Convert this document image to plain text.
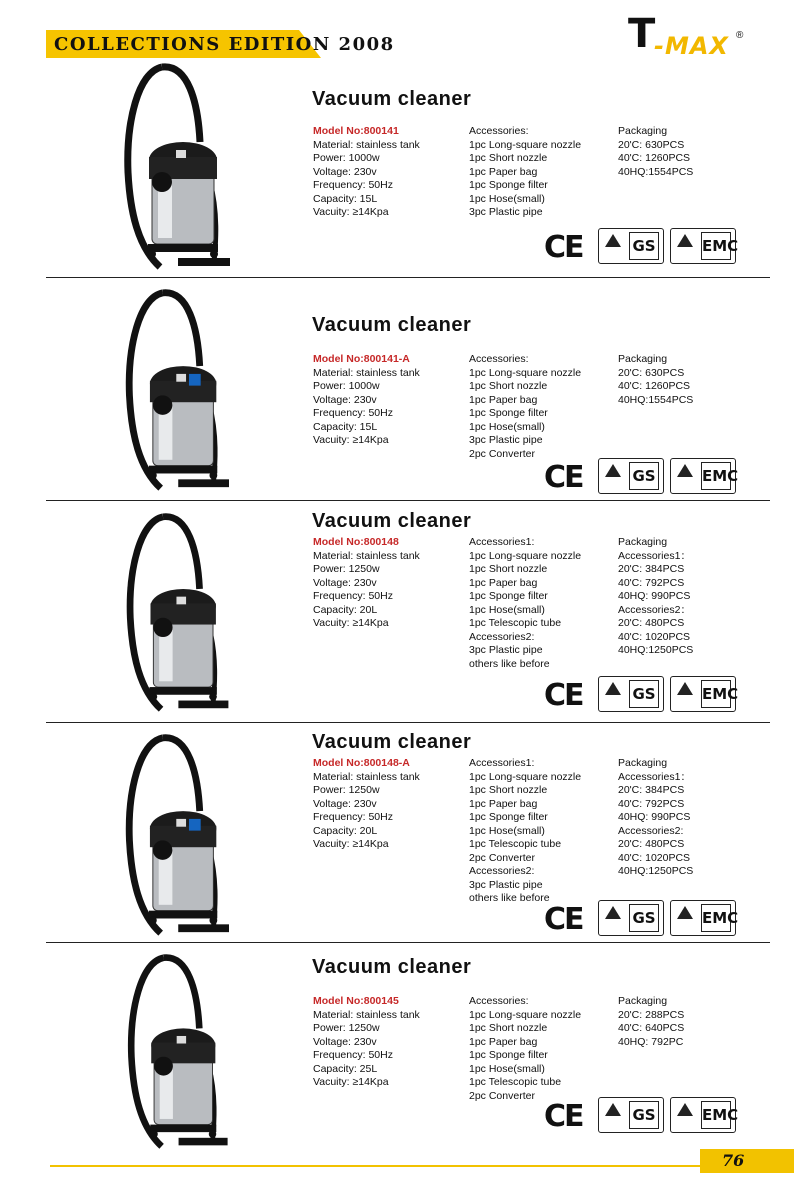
COLLECTIONS EDITION 2008	T
-MAX ®
Vacuum cleaner
Model No:800141
Material: stainless tank
Power: 1000w
Voltage: 230v
Frequency: 50Hz
Capacity: 15L
Vacuity: ≥14Kpa
Accessories:
1pc Long-square nozzle
1pc Short nozzle
1pc Paper bag
1pc Sponge filter
1pc Hose(small)
3pc Plastic pipe
Packaging
20'C: 630PCS
40'C: 1260PCS
40HQ:1554PCS
CE	GS	EMC
Vacuum cleaner
Model No:800141-A
Material: stainless tank
Power: 1000w
Voltage: 230v
Frequency: 50Hz
Capacity: 15L
Vacuity: ≥14Kpa
Accessories:
1pc Long-square nozzle
1pc Short nozzle
1pc Paper bag
1pc Sponge filter
1pc Hose(small)
3pc Plastic pipe
2pc Converter
Packaging
20'C: 630PCS
40'C: 1260PCS
40HQ:1554PCS
CE	GS	EMC
Vacuum cleaner
Model No:800148
Material: stainless tank
Power: 1250w
Voltage: 230v
Frequency: 50Hz
Capacity: 20L
Vacuity: ≥14Kpa
Accessories1:
1pc Long-square nozzle
1pc Short nozzle
1pc Paper bag
1pc Sponge filter
1pc Hose(small)
1pc Telescopic tube
Accessories2:
3pc Plastic pipe
others like before
Packaging
Accessories1：
20'C: 384PCS
40'C: 792PCS
40HQ: 990PCS
Accessories2：
20'C: 480PCS
40'C: 1020PCS
40HQ:1250PCS
CE	GS	EMC
Vacuum cleaner
Model No:800148-A
Material: stainless tank
Power: 1250w
Voltage: 230v
Frequency: 50Hz
Capacity: 20L
Vacuity: ≥14Kpa
Accessories1:
1pc Long-square nozzle
1pc Short nozzle
1pc Paper bag
1pc Sponge filter
1pc Hose(small)
1pc Telescopic tube
2pc Converter
Accessories2:
3pc Plastic pipe
others like before
Packaging
Accessories1：
20'C: 384PCS
40'C: 792PCS
40HQ: 990PCS
Accessories2:
20'C: 480PCS
40'C: 1020PCS
40HQ:1250PCS
CE	GS	EMC
Vacuum cleaner
Model No:800145
Material: stainless tank
Power: 1250w
Voltage: 230v
Frequency: 50Hz
Capacity: 25L
Vacuity: ≥14Kpa
Accessories:
1pc Long-square nozzle
1pc Short nozzle
1pc Paper bag
1pc Sponge filter
1pc Hose(small)
1pc Telescopic tube
2pc Converter
Packaging
20'C: 288PCS
40'C: 640PCS
40HQ: 792PC
CE	GS	EMC
76
